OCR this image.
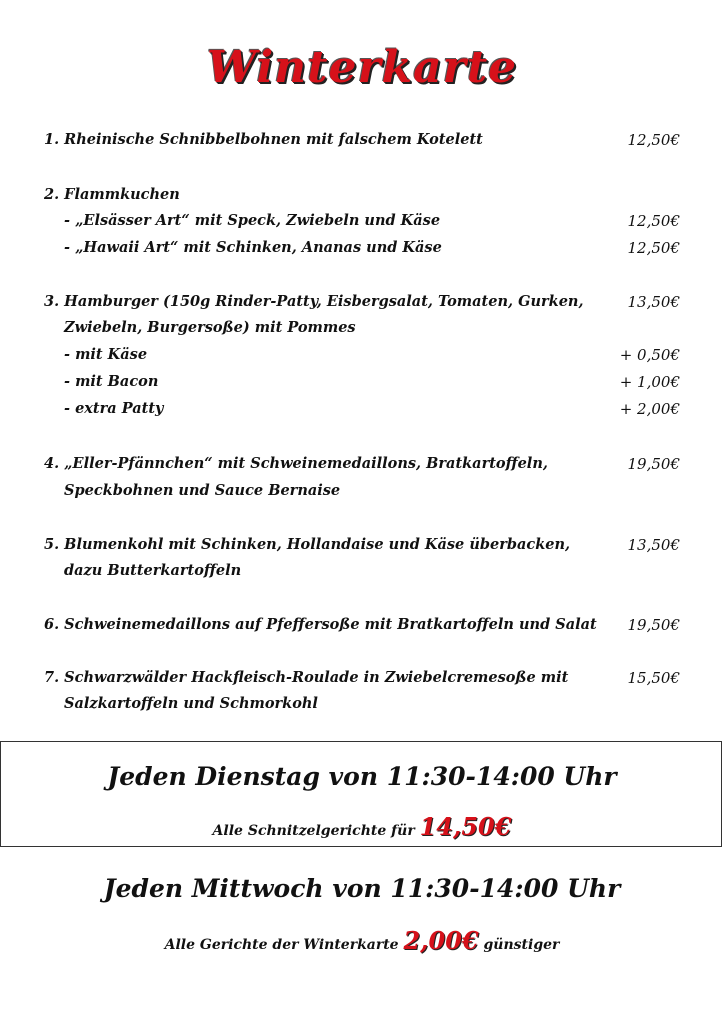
Winterkarte
1. Rheinische Schnibbelbohnen mit falschem Kotelett	12,50€
2. Flammkuchen
- „Elsässer Art“ mit Speck, Zwiebeln und Käse	12,50€
- „Hawaii Art“ mit Schinken, Ananas und Käse	12,50€
3. Hamburger (150g Rinder-Patty, Eisbergsalat, Tomaten, Gurken,	13,50€
Zwiebeln, Burgersoße) mit Pommes
- mit Käse	+ 0,50€
- mit Bacon	+ 1,00€
- extra Patty	+ 2,00€
4. „Eller-Pfännchen“ mit Schweinemedaillons, Bratkartoffeln,	19,50€
Speckbohnen und Sauce Bernaise
5. Blumenkohl mit Schinken, Hollandaise und Käse überbacken,	13,50€
dazu Butterkartoffeln
6. Schweinemedaillons auf Pfeffersoße mit Bratkartoffeln und Salat 19,50€
7. Schwarzwälder Hackfleisch-Roulade in Zwiebelcremesoße mit	15,50€
Salzkartoffeln und Schmorkohl
Jeden Dienstag von 11:30-14:00 Uhr
Alle Schnitzelgerichte für 14,50€
Jeden Mittwoch von 11:30-14:00 Uhr
Alle Gerichte der Winterkarte 2,00€ günstiger
